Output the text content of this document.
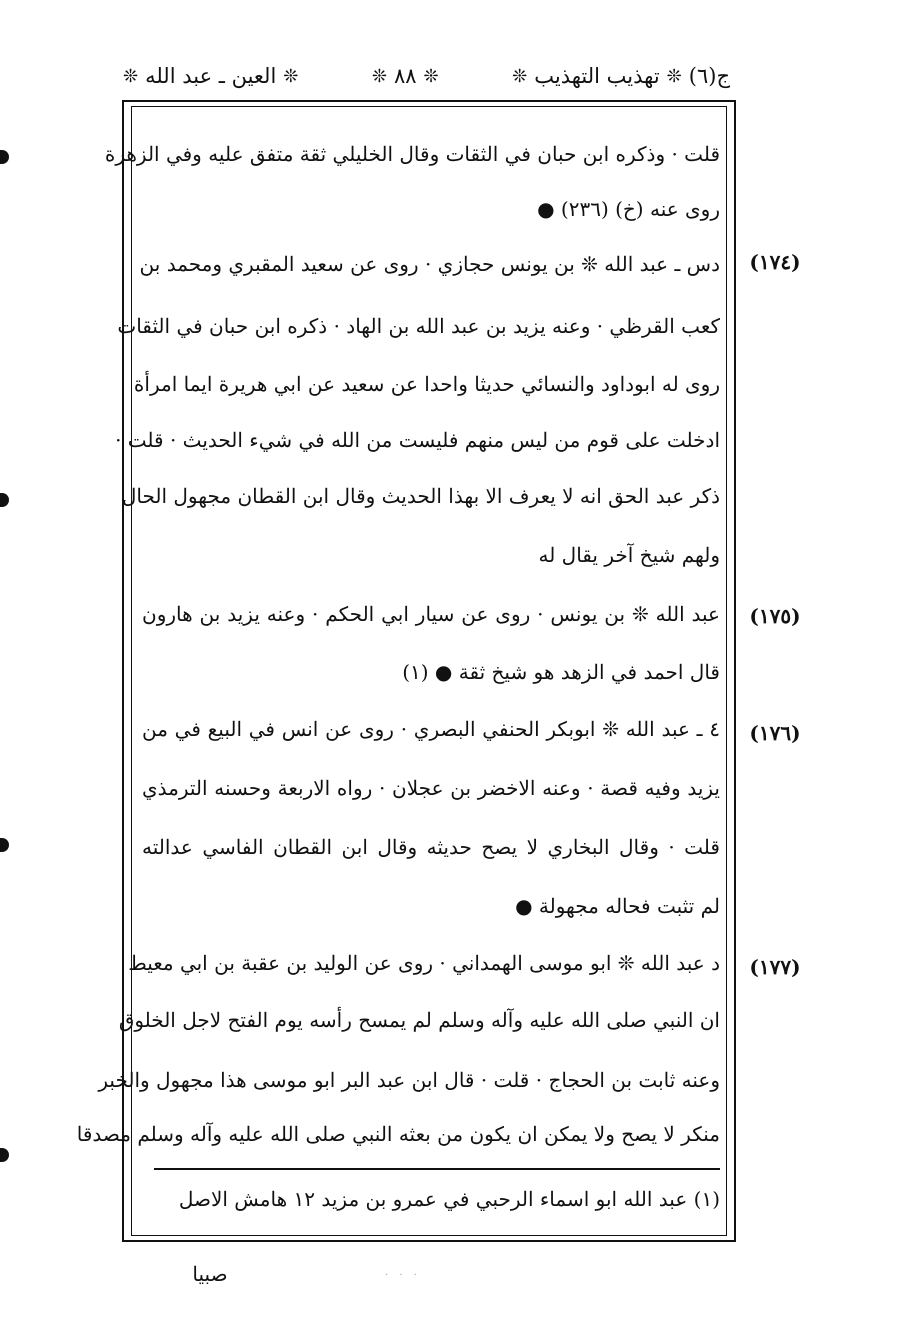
ج(٦)
❊
تهذيب التهذيب
❊
❊
٨٨
❊
❊
العين ـ عبد الله
❊
قلت · وذكره ابن حبان في الثقات وقال الخليلي ثقة متفق عليه وفي الزهرة
روى عنه (خ) (٢٣٦) ●
دس ـ عبد الله ❊ بن يونس حجازي · روى عن سعيد المقبري ومحمد بن
كعب القرظي · وعنه يزيد بن عبد الله بن الهاد · ذكره ابن حبان في الثقات
روى له ابوداود والنسائي حديثا واحدا عن سعيد عن ابي هريرة ايما امرأة
ادخلت على قوم من ليس منهم فليست من الله في شيء الحديث · قلت ·
ذكر عبد الحق انه لا يعرف الا بهذا الحديث وقال ابن القطان مجهول الحال
ولهم شيخ آخر يقال له
عبد الله ❊ بن يونس · روى عن سيار ابي الحكم · وعنه يزيد بن هارون
قال احمد في الزهد هو شيخ ثقة ● (١)
٤ ـ عبد الله ❊ ابوبكر الحنفي البصري · روى عن انس في البيع في من
يزيد وفيه قصة · وعنه الاخضر بن عجلان · رواه الاربعة وحسنه الترمذي
قلت · وقال البخاري لا يصح حديثه وقال ابن القطان الفاسي عدالته
لم تثبت فحاله مجهولة ●
د عبد الله ❊ ابو موسى الهمداني · روى عن الوليد بن عقبة بن ابي معيط
ان النبي صلى الله عليه وآله وسلم لم يمسح رأسه يوم الفتح لاجل الخلوق
وعنه ثابت بن الحجاج · قلت · قال ابن عبد البر ابو موسى هذا مجهول والخبر
منكر لا يصح ولا يمكن ان يكون من بعثه النبي صلى الله عليه وآله وسلم مصدقا
(١٧٤)
(١٧٥)
(١٧٦)
(١٧٧)
(١) عبد الله ابو اسماء الرحبي في عمرو بن مزيد ١٢ هامش الاصل
صبيا	· · ·
